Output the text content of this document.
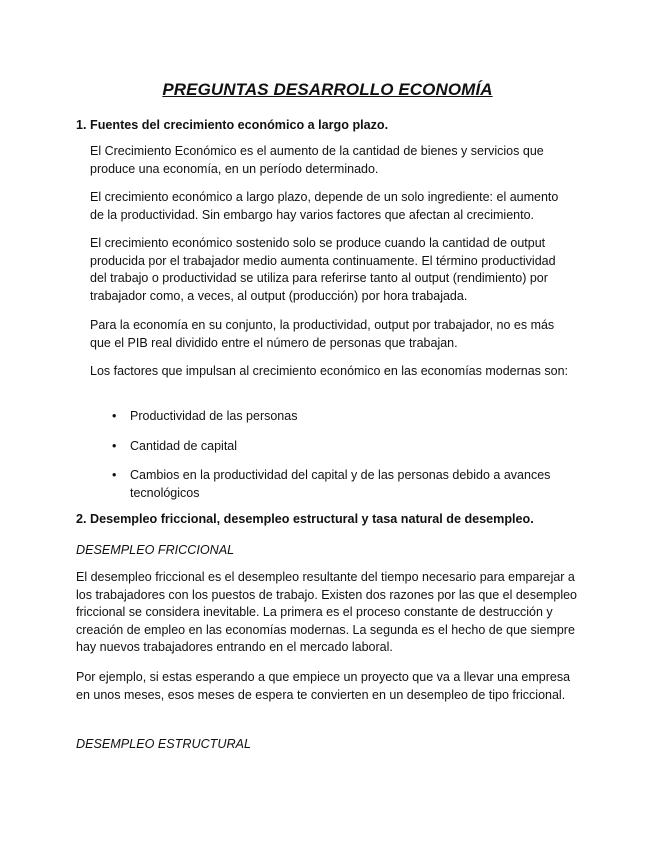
PREGUNTAS DESARROLLO ECONOMÍA
1. Fuentes del crecimiento económico a largo plazo.

El Crecimiento Económico es el aumento de la cantidad de bienes y servicios que produce una economía, en un período determinado.

El crecimiento económico a largo plazo, depende de un solo ingrediente: el aumento de la productividad. Sin embargo hay varios factores que afectan al crecimiento.

El crecimiento económico sostenido solo se produce cuando la cantidad de output producida por el trabajador medio aumenta continuamente. El término productividad del trabajo o productividad se utiliza para referirse tanto al output (rendimiento) por trabajador como, a veces, al output (producción) por hora trabajada.

Para la economía en su conjunto, la productividad, output por trabajador, no es más que el PIB real dividido entre el número de personas que trabajan.

Los factores que impulsan al crecimiento económico en las economías modernas son:

• Productividad de las personas
• Cantidad de capital
• Cambios en la productividad del capital y de las personas debido a avances tecnológicos
2. Desempleo friccional, desempleo estructural y tasa natural de desempleo.

DESEMPLEO FRICCIONAL

El desempleo friccional es el desempleo resultante del tiempo necesario para emparejar a los trabajadores con los puestos de trabajo. Existen dos razones por las que el desempleo friccional se considera inevitable. La primera es el proceso constante de destrucción y creación de empleo en las economías modernas. La segunda es el hecho de que siempre hay nuevos trabajadores entrando en el mercado laboral.

Por ejemplo, si estas esperando a que empiece un proyecto que va a llevar una empresa en unos meses, esos meses de espera te convierten en un desempleo de tipo friccional.

DESEMPLEO ESTRUCTURAL
